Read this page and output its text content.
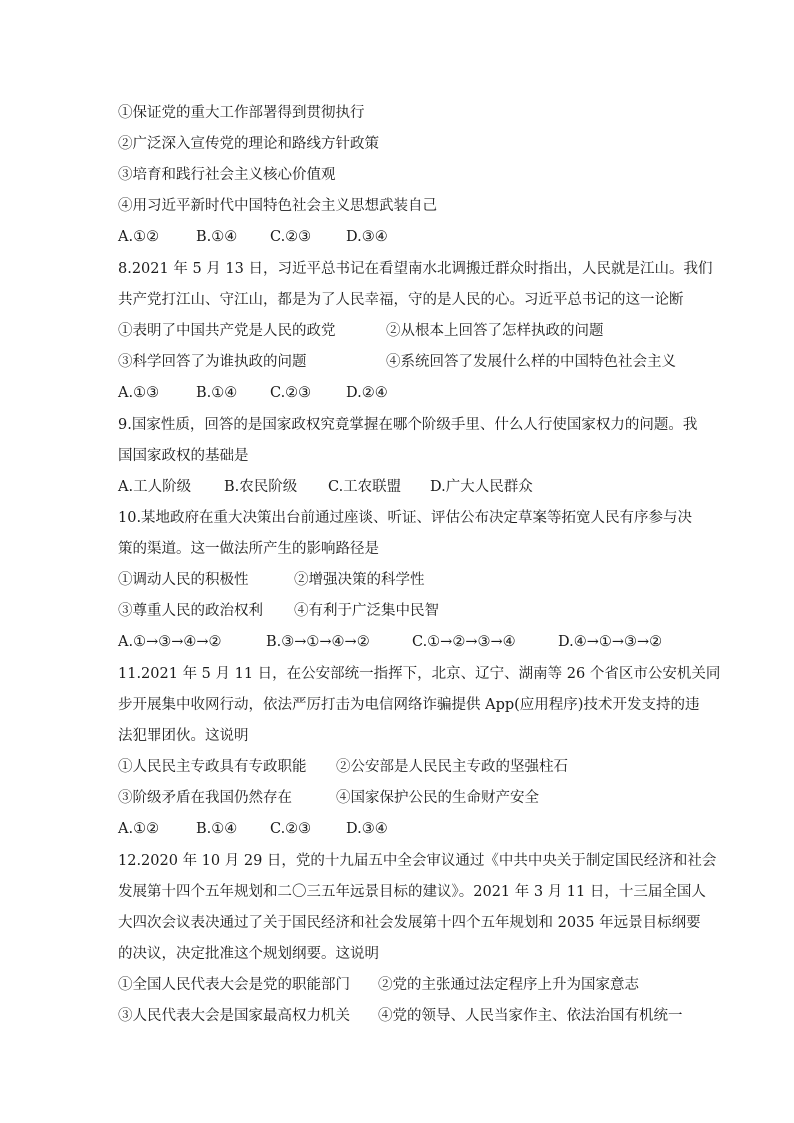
①保证党的重大工作部署得到贯彻执行
②广泛深入宣传党的理论和路线方针政策
③培育和践行社会主义核心价值观
④用习近平新时代中国特色社会主义思想武装自己
A.①②	B.①④ C.②③ D.③④
8.2021 年 5 月 13 日，习近平总书记在看望南水北调搬迁群众时指出，人民就是江山。我们
共产党打江山、守江山，都是为了人民幸福，守的是人民的心。习近平总书记的这一论断
①表明了中国共产党是人民的政党	②从根本上回答了怎样执政的问题
③科学回答了为谁执政的问题	④系统回答了发展什么样的中国特色社会主义
A.①③	B.①④ C.②③ D.②④
9.国家性质，回答的是国家政权究竟掌握在哪个阶级手里、什么人行使国家权力的问题。我
国国家政权的基础是
A.工人阶级 B.农民阶级 C.工农联盟 D.广大人民群众
10.某地政府在重大决策出台前通过座谈、听证、评估公布决定草案等拓宽人民有序参与决
策的渠道。这一做法所产生的影响路径是
①调动人民的积极性	②增强决策的科学性
③尊重人民的政治权利 ④有利于广泛集中民智
A.①→③→④→②	B.③→①→④→②	C.①→②→③→④	D.④→①→③→②
11.2021 年 5 月 11 日，在公安部统一指挥下，北京、辽宁、湖南等 26 个省区市公安机关同
步开展集中收网行动，依法严厉打击为电信网络诈骗提供 App(应用程序)技术开发支持的违
法犯罪团伙。这说明
①人民民主专政具有专政职能 ②公安部是人民民主专政的坚强柱石
③阶级矛盾在我国仍然存在	④国家保护公民的生命财产安全
A.①②	B.①④ C.②③ D.③④
12.2020 年 10 月 29 日，党的十九届五中全会审议通过《中共中央关于制定国民经济和社会
发展第十四个五年规划和二〇三五年远景目标的建议》。2021 年 3 月 11 日，十三届全国人
大四次会议表决通过了关于国民经济和社会发展第十四个五年规划和 2035 年远景目标纲要
的决议，决定批准这个规划纲要。这说明
①全国人民代表大会是党的职能部门 ②党的主张通过法定程序上升为国家意志
③人民代表大会是国家最高权力机关 ④党的领导、人民当家作主、依法治国有机统一
